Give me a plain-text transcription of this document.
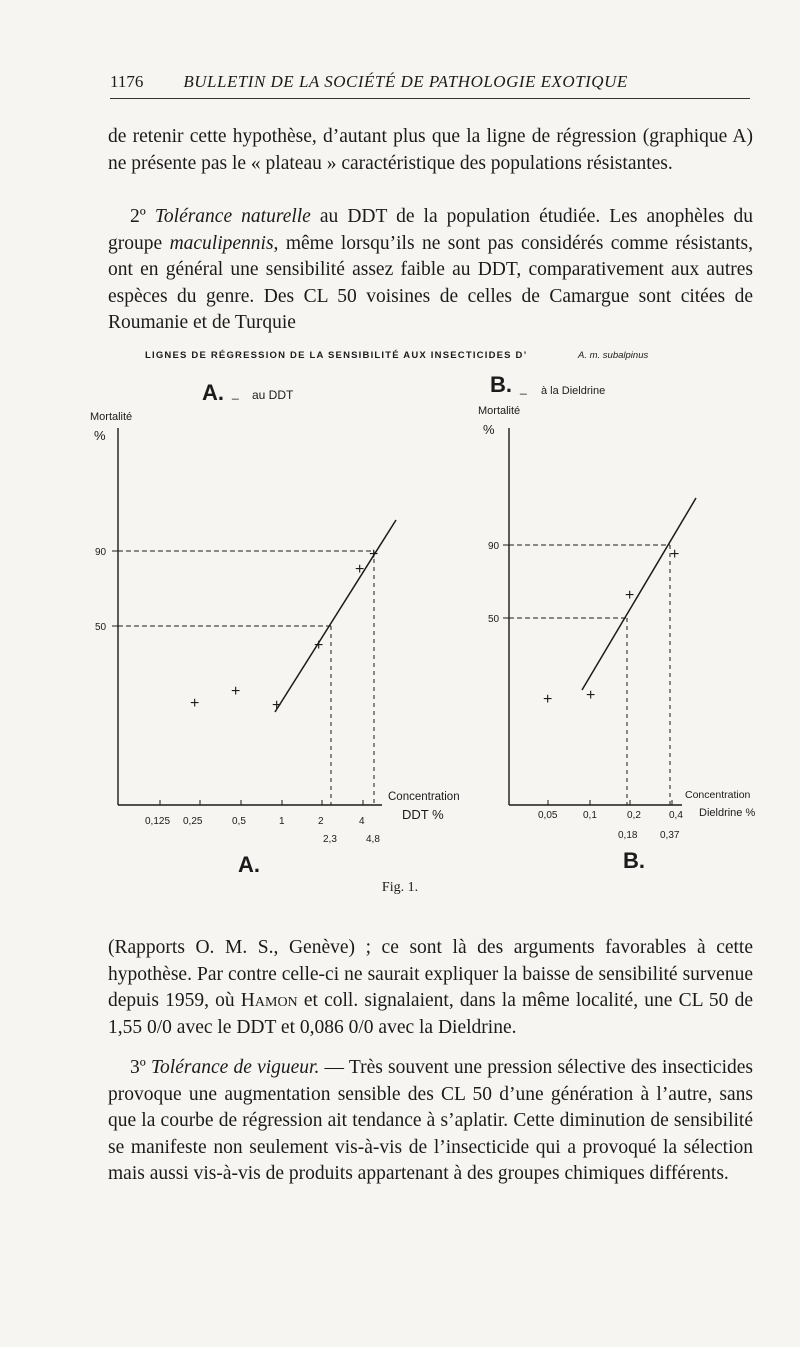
1176 BULLETIN DE LA SOCIÉTÉ DE PATHOLOGIE EXOTIQUE

de retenir cette hypothèse, d’autant plus que la ligne de régression (graphique A) ne présente pas le « plateau » caractéristique des populations résistantes.

2º Tolérance naturelle au DDT de la population étudiée. Les anophèles du groupe maculipennis, même lorsqu’ils ne sont pas considérés comme résistants, ont en général une sensibilité assez faible au DDT, comparativement aux autres espèces du genre. Des CL 50 voisines de celles de Camargue sont citées de Roumanie et de Turquie

LIGNES DE RÉGRESSION DE LA SENSIBILITÉ AUX INSECTICIDES D’	A. m. subalpinus
A. _ au DDT
Mortalité
%
90
50
0,125 0,25	0,5	1	2	4
2,3	4,8
Concentration
DDT %
A.
+
+
+
+
+
+
B. _ à la Dieldrine
Mortalité
%
90
50
0,05	0,1	0,2	0,4
0,18 0,37
Concentration
Dieldrine %
B.
+ +
+
+
Fig. 1.

(Rapports O. M. S., Genève) ; ce sont là des arguments favorables à cette hypothèse. Par contre celle-ci ne saurait expliquer la baisse de sensibilité survenue depuis 1959, où Hamon et coll. signalaient, dans la même localité, une CL 50 de 1,55 0/0 avec le DDT et 0,086 0/0 avec la Dieldrine.

3º Tolérance de vigueur. — Très souvent une pression sélective des insecticides provoque une augmentation sensible des CL 50 d’une génération à l’autre, sans que la courbe de régression ait tendance à s’aplatir. Cette diminution de sensibilité se manifeste non seulement vis-à-vis de l’insecticide qui a provoqué la sélection mais aussi vis-à-vis de produits appartenant à des groupes chimiques différents.
